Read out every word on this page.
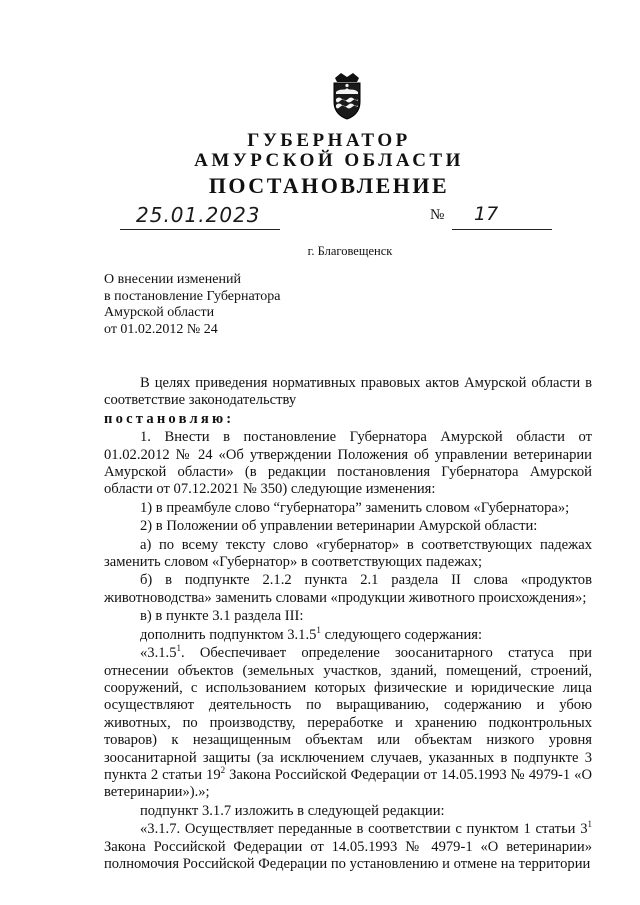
ГУБЕРНАТОР
АМУРСКОЙ ОБЛАСТИ
ПОСТАНОВЛЕНИЕ
25.01.2023	№ 17
г. Благовещенск
О внесении изменений
в постановление Губернатора
Амурской области
от 01.02.2012 № 24

В целях приведения нормативных правовых актов Амурской области в соответствие законодательству

постановляю:

1. Внести в постановление Губернатора Амурской области от 01.02.2012 № 24 «Об утверждении Положения об управлении ветеринарии Амурской области» (в редакции постановления Губернатора Амурской области от 07.12.2021 № 350) следующие изменения:

1) в преамбуле слово “губернатора” заменить словом «Губернатора»;

2) в Положении об управлении ветеринарии Амурской области:

а) по всему тексту слово «губернатор» в соответствующих падежах заменить словом «Губернатор» в соответствующих падежах;

б) в подпункте 2.1.2 пункта 2.1 раздела II слова «продуктов животноводства» заменить словами «продукции животного происхождения»;

в) в пункте 3.1 раздела III:

дополнить подпунктом 3.1.5$^1$ следующего содержания:

«3.1.5$^1$. Обеспечивает определение зоосанитарного статуса при отнесении объектов (земельных участков, зданий, помещений, строений, сооружений, с использованием которых физические и юридические лица осуществляют деятельность по выращиванию, содержанию и убою животных, по производству, переработке и хранению подконтрольных товаров) к незащищенным объектам или объектам низкого уровня зоосанитарной защиты (за исключением случаев, указанных в подпункте 3 пункта 2 статьи $19^2$ Закона Российской Федерации от 14.05.1993 № 4979-1 «О ветеринарии»).»;

подпункт 3.1.7 изложить в следующей редакции:

«3.1.7. Осуществляет переданные в соответствии с пунктом 1 статьи $3^1$ Закона Российской Федерации от 14.05.1993 № 4979-1 «О ветеринарии» полномочия Российской Федерации по установлению и отмене на территории
